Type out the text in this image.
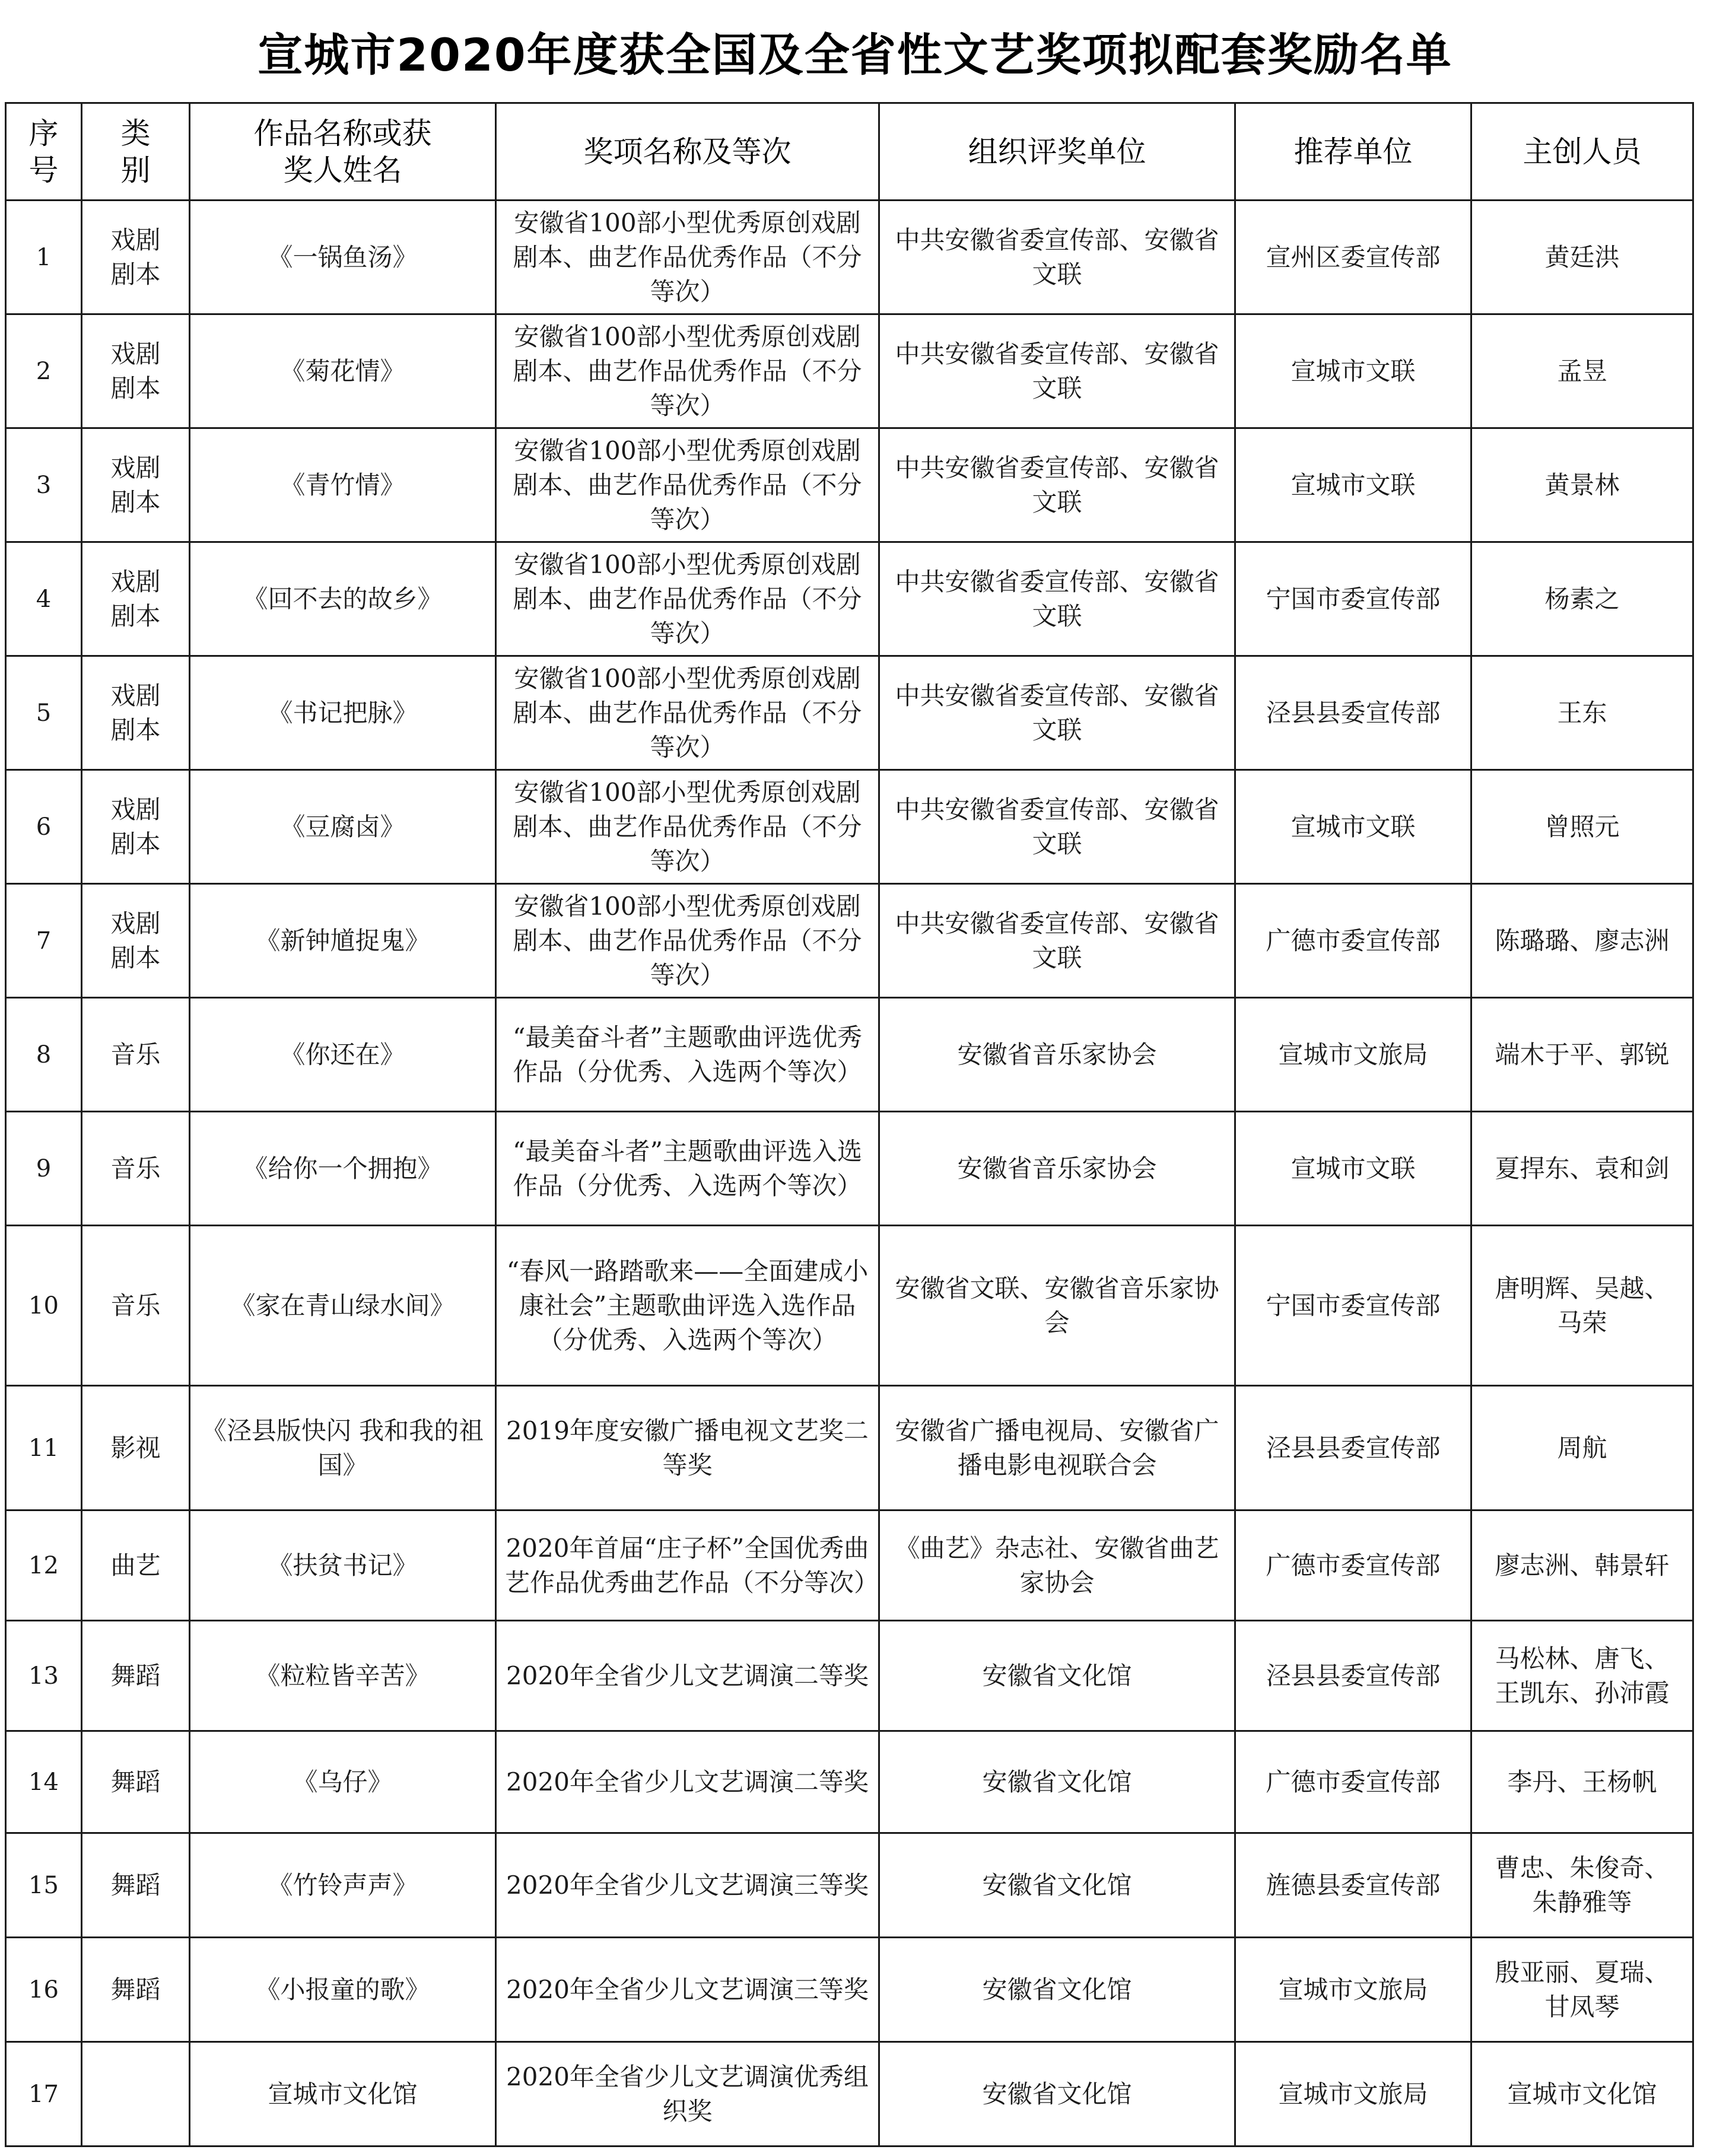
宣城市2020年度获全国及全省性文艺奖项拟配套奖励名单
序号	类别	作品名称或获奖人姓名	奖项名称及等次	组织评奖单位	推荐单位	主创人员
1	戏剧剧本	《一锅鱼汤》	安徽省100部小型优秀原创戏剧剧本、曲艺作品优秀作品（不分等次）	中共安徽省委宣传部、安徽省文联	宣州区委宣传部	黄廷洪
2	戏剧剧本	《菊花情》	安徽省100部小型优秀原创戏剧剧本、曲艺作品优秀作品（不分等次）	中共安徽省委宣传部、安徽省文联	宣城市文联	孟昱
3	戏剧剧本	《青竹情》	安徽省100部小型优秀原创戏剧剧本、曲艺作品优秀作品（不分等次）	中共安徽省委宣传部、安徽省文联	宣城市文联	黄景林
4	戏剧剧本	《回不去的故乡》	安徽省100部小型优秀原创戏剧剧本、曲艺作品优秀作品（不分等次）	中共安徽省委宣传部、安徽省文联	宁国市委宣传部	杨素之
5	戏剧剧本	《书记把脉》	安徽省100部小型优秀原创戏剧剧本、曲艺作品优秀作品（不分等次）	中共安徽省委宣传部、安徽省文联	泾县县委宣传部	王东
6	戏剧剧本	《豆腐卤》	安徽省100部小型优秀原创戏剧剧本、曲艺作品优秀作品（不分等次）	中共安徽省委宣传部、安徽省文联	宣城市文联	曾照元
7	戏剧剧本	《新钟馗捉鬼》	安徽省100部小型优秀原创戏剧剧本、曲艺作品优秀作品（不分等次）	中共安徽省委宣传部、安徽省文联	广德市委宣传部	陈璐璐、廖志洲
8	音乐	《你还在》	“最美奋斗者”主题歌曲评选优秀作品（分优秀、入选两个等次）	安徽省音乐家协会	宣城市文旅局	端木于平、郭锐
9	音乐	《给你一个拥抱》	“最美奋斗者”主题歌曲评选入选作品（分优秀、入选两个等次）	安徽省音乐家协会	宣城市文联	夏捍东、袁和剑
10	音乐	《家在青山绿水间》	“春风一路踏歌来——全面建成小康社会”主题歌曲评选入选作品（分优秀、入选两个等次）	安徽省文联、安徽省音乐家协会	宁国市委宣传部	唐明辉、吴越、马荣
11	影视	《泾县版快闪 我和我的祖国》	2019年度安徽广播电视文艺奖二等奖	安徽省广播电视局、安徽省广播电影电视联合会	泾县县委宣传部	周航
12	曲艺	《扶贫书记》	2020年首届“庄子杯”全国优秀曲艺作品优秀曲艺作品（不分等次）	《曲艺》杂志社、安徽省曲艺家协会	广德市委宣传部	廖志洲、韩景轩
13	舞蹈	《粒粒皆辛苦》	2020年全省少儿文艺调演二等奖	安徽省文化馆	泾县县委宣传部	马松林、唐飞、王凯东、孙沛霞
14	舞蹈	《乌仔》	2020年全省少儿文艺调演二等奖	安徽省文化馆	广德市委宣传部	李丹、王杨帆
15	舞蹈	《竹铃声声》	2020年全省少儿文艺调演三等奖	安徽省文化馆	旌德县委宣传部	曹忠、朱俊奇、朱静雅等
16	舞蹈	《小报童的歌》	2020年全省少儿文艺调演三等奖	安徽省文化馆	宣城市文旅局	殷亚丽、夏瑞、甘凤琴
17		宣城市文化馆	2020年全省少儿文艺调演优秀组织奖	安徽省文化馆	宣城市文旅局	宣城市文化馆
